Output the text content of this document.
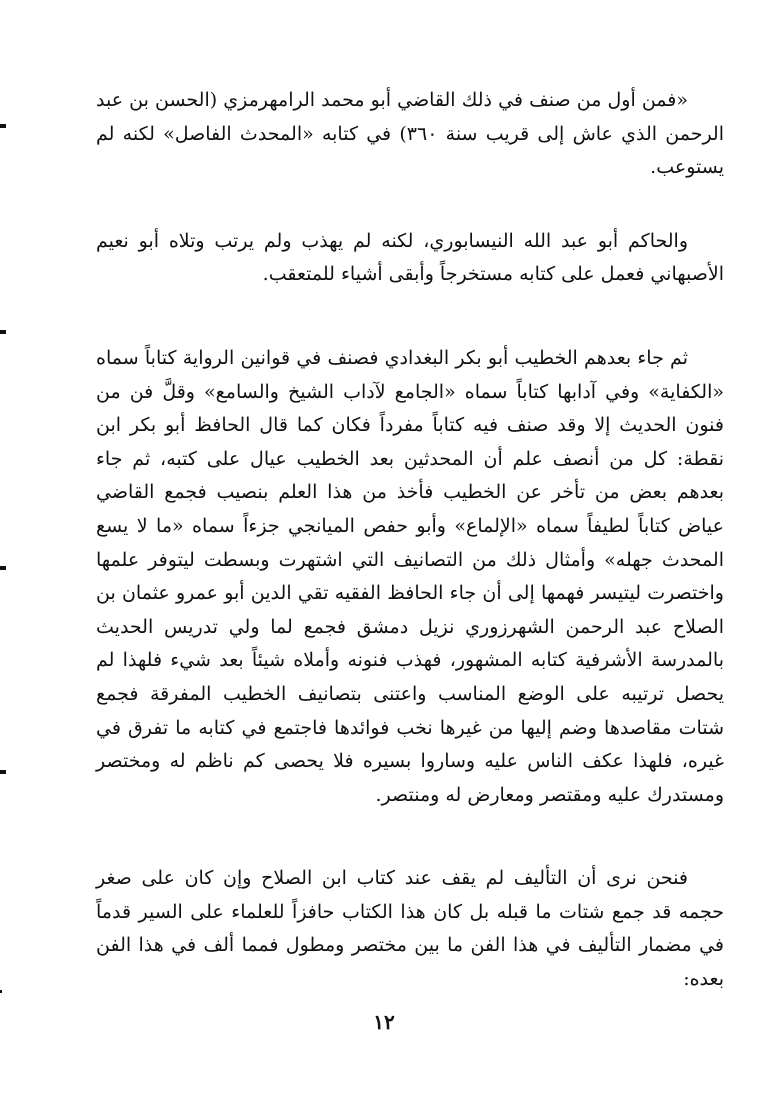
«فمن أول من صنف في ذلك القاضي أبو محمد الرامهرمزي (الحسن بن عبد الرحمن الذي عاش إلى قريب سنة ٣٦٠) في كتابه «المحدث الفاصل» لكنه لم يستوعب.

والحاكم أبو عبد الله النيسابوري، لكنه لم يهذب ولم يرتب وتلاه أبو نعيم الأصبهاني فعمل على كتابه مستخرجاً وأبقى أشياء للمتعقب.

ثم جاء بعدهم الخطيب أبو بكر البغدادي فصنف في قوانين الرواية كتاباً سماه «الكفاية» وفي آدابها كتاباً سماه «الجامع لآداب الشيخ والسامع» وقلَّ فن من فنون الحديث إلا وقد صنف فيه كتاباً مفرداً فكان كما قال الحافظ أبو بكر ابن نقطة: كل من أنصف علم أن المحدثين بعد الخطيب عيال على كتبه، ثم جاء بعدهم بعض من تأخر عن الخطيب فأخذ من هذا العلم بنصيب فجمع القاضي عياض كتاباً لطيفاً سماه «الإلماع» وأبو حفص الميانجي جزءاً سماه «ما لا يسع المحدث جهله» وأمثال ذلك من التصانيف التي اشتهرت وبسطت ليتوفر علمها واختصرت ليتيسر فهمها إلى أن جاء الحافظ الفقيه تقي الدين أبو عمرو عثمان بن الصلاح عبد الرحمن الشهرزوري نزيل دمشق فجمع لما ولي تدريس الحديث بالمدرسة الأشرفية كتابه المشهور، فهذب فنونه وأملاه شيئاً بعد شيء فلهذا لم يحصل ترتيبه على الوضع المناسب واعتنى بتصانيف الخطيب المفرقة فجمع شتات مقاصدها وضم إليها من غيرها نخب فوائدها فاجتمع في كتابه ما تفرق في غيره، فلهذا عكف الناس عليه وساروا بسيره فلا يحصى كم ناظم له ومختصر ومستدرك عليه ومقتصر ومعارض له ومنتصر.

فنحن نرى أن التأليف لم يقف عند كتاب ابن الصلاح وإن كان على صغر حجمه قد جمع شتات ما قبله بل كان هذا الكتاب حافزاً للعلماء على السير قدماً في مضمار التأليف في هذا الفن ما بين مختصر ومطول فمما ألف في هذا الفن بعده:

١٢
